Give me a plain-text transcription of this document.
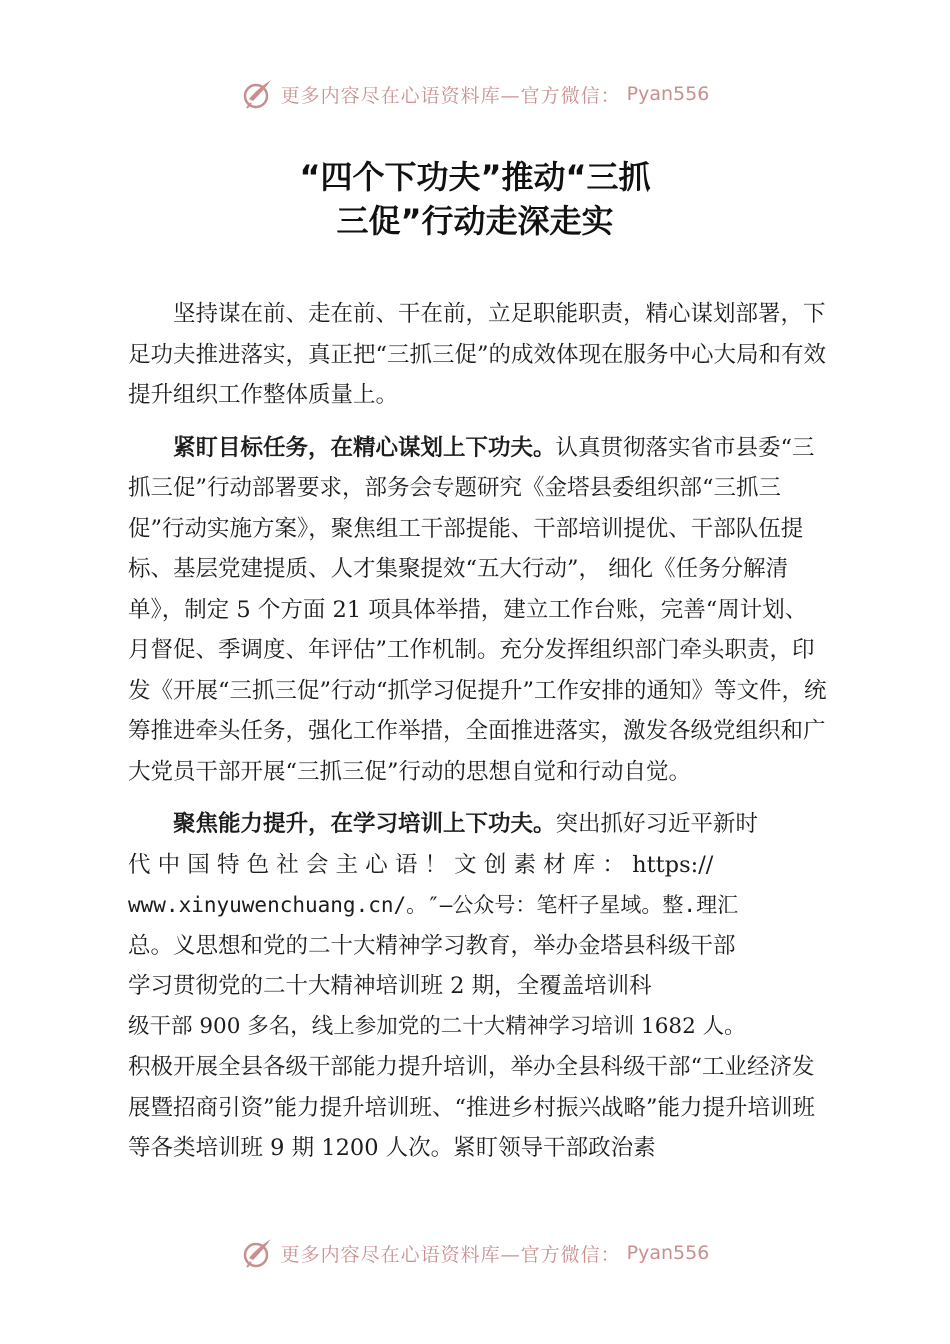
更多内容尽在心语资料库—官方微信： Pyan556
“四个下功夫”推动“三抓
三促”行动走深走实

坚持谋在前、走在前、干在前，立足职能职责，精心谋划部署，下足功夫推进落实，真正把“三抓三促”的成效体现在服务中心大局和有效提升组织工作整体质量上。

紧盯目标任务，在精心谋划上下功夫。认真贯彻落实省市县委“三抓三促”行动部署要求，部务会专题研究《金塔县委组织部“三抓三促”行动实施方案》，聚焦组工干部提能、干部培训提优、干部队伍提标、基层党建提质、人才集聚提效“五大行动”， 细化《任务分解清单》，制定 5 个方面 21 项具体举措，建立工作台账，完善“周计划、月督促、季调度、年评估”工作机制。充分发挥组织部门牵头职责，印发《开展“三抓三促”行动“抓学习促提升”工作安排的通知》等文件，统筹推进牵头任务，强化工作举措，全面推进落实，激发各级党组织和广大党员干部开展“三抓三促”行动的思想自觉和行动自觉。

聚焦能力提升，在学习培训上下功夫。突出抓好习近平新时
代 中 国 特 色 社 会 主 心 语 ！ 文 创 素 材 库 ： https://
www.xinyuwenchuang.cn/。″—公众号：笔杆子星域。整.理汇
总。义思想和党的二十大精神学习教育，举办金塔县科级干部
学习贯彻党的二十大精神培训班 2 期，全覆盖培训科
级干部 900 多名，线上参加党的二十大精神学习培训 1682 人。
积极开展全县各级干部能力提升培训，举办全县科级干部“工业经济发展暨招商引资”能力提升培训班、“推进乡村振兴战略”能力提升培训班等各类培训班 9 期 1200 人次。紧盯领导干部政治素
更多内容尽在心语资料库—官方微信： Pyan556
